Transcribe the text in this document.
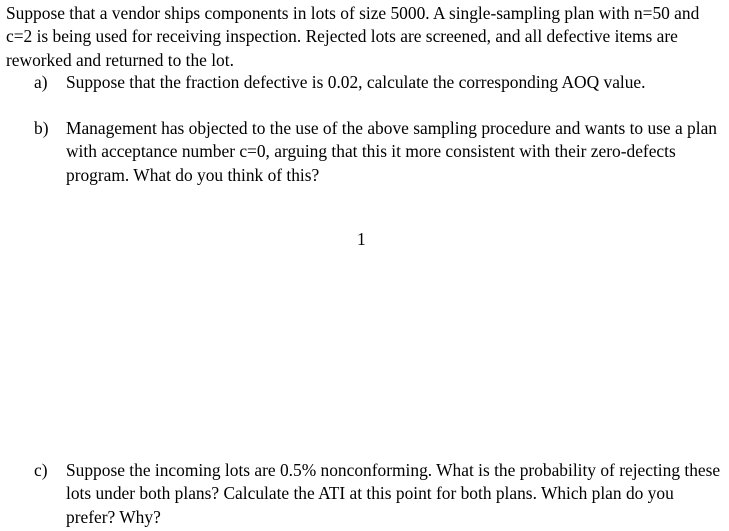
Suppose that a vendor ships components in lots of size 5000. A single-sampling plan with n=50 and c=2 is being used for receiving inspection. Rejected lots are screened, and all defective items are reworked and returned to the lot.
a) Suppose that the fraction defective is 0.02, calculate the corresponding AOQ value.
b) Management has objected to the use of the above sampling procedure and wants to use a plan with acceptance number c=0, arguing that this it more consistent with their zero-defects program. What do you think of this?
1
c) Suppose the incoming lots are 0.5% nonconforming. What is the probability of rejecting these lots under both plans? Calculate the ATI at this point for both plans. Which plan do you prefer? Why?
